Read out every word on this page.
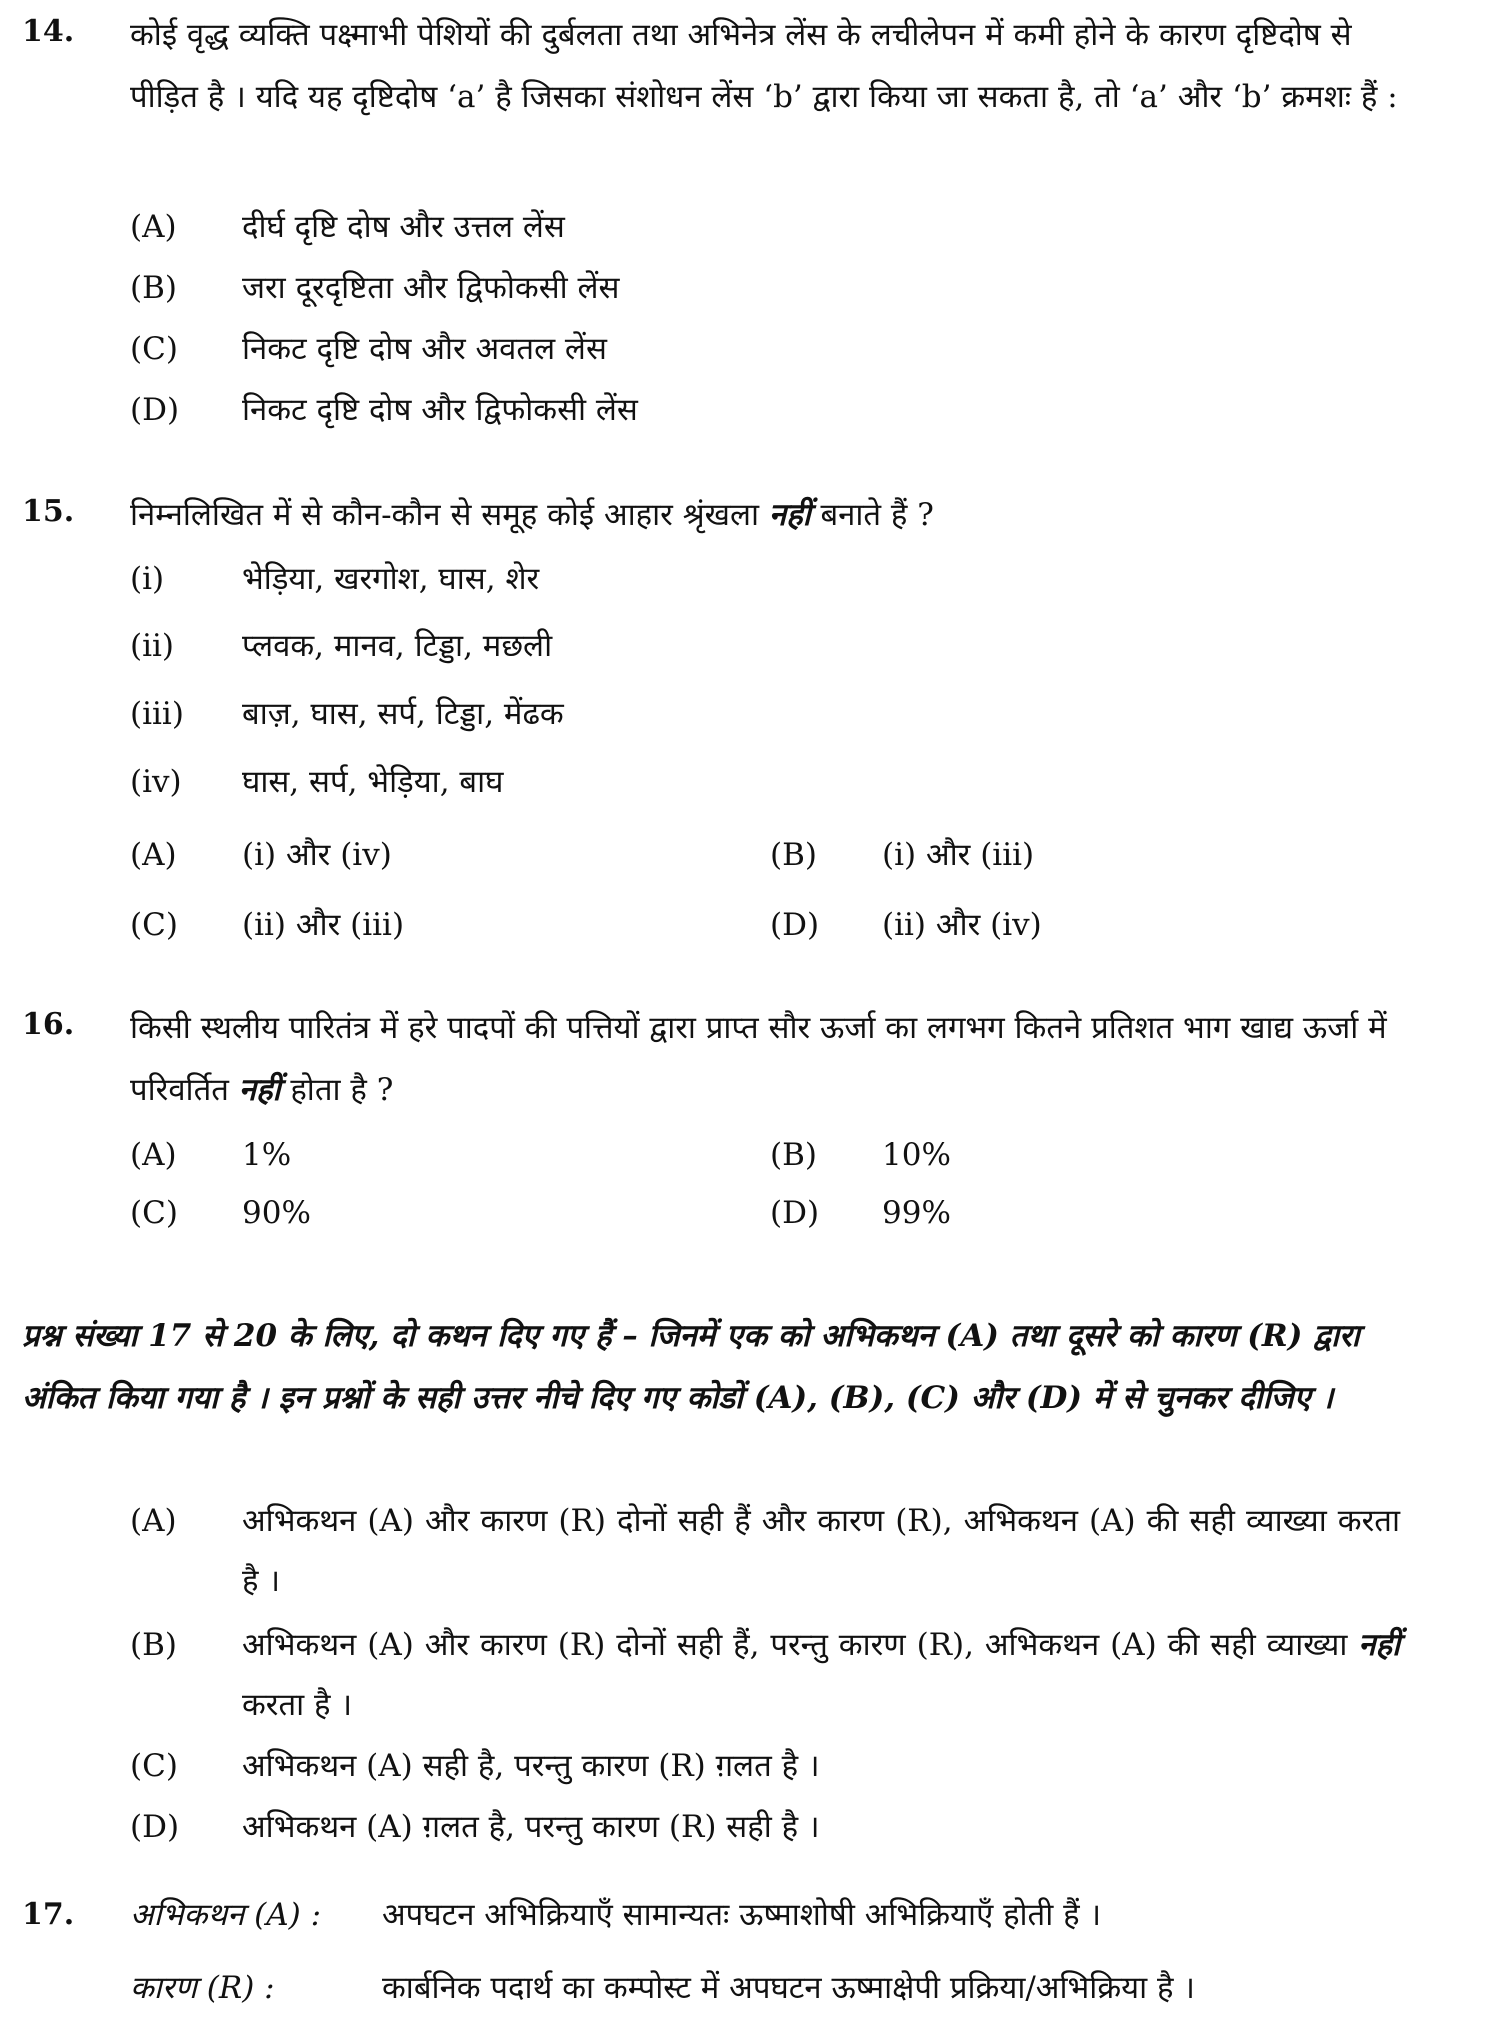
14. कोई वृद्ध व्यक्ति पक्ष्माभी पेशियों की दुर्बलता तथा अभिनेत्र लेंस के लचीलेपन में कमी होने के कारण दृष्टिदोष से पीड़ित है । यदि यह दृष्टिदोष ‘a’ है जिसका संशोधन लेंस ‘b’ द्वारा किया जा सकता है, तो ‘a’ और ‘b’ क्रमशः हैं :
(A) दीर्घ दृष्टि दोष और उत्तल लेंस
(B) जरा दूरदृष्टिता और द्विफोकसी लेंस
(C) निकट दृष्टि दोष और अवतल लेंस
(D) निकट दृष्टि दोष और द्विफोकसी लेंस
15. निम्नलिखित में से कौन-कौन से समूह कोई आहार श्रृंखला नहीं बनाते हैं ?
(i)	भेड़िया, खरगोश, घास, शेर
(ii) प्लवक, मानव, टिड्डा, मछली
(iii) बाज़, घास, सर्प, टिड्डा, मेंढक
(iv) घास, सर्प, भेड़िया, बाघ
(A) (i) और (iv)	(B) (i) और (iii)
(C) (ii) और (iii)	(D) (ii) और (iv)
16. किसी स्थलीय पारितंत्र में हरे पादपों की पत्तियों द्वारा प्राप्त सौर ऊर्जा का लगभग कितने प्रतिशत भाग खाद्य ऊर्जा में परिवर्तित नहीं होता है ?
(A) 1%	(B) 10%
(C) 90%	(D) 99%
प्रश्न संख्या 17 से 20 के लिए, दो कथन दिए गए हैं – जिनमें एक को अभिकथन (A) तथा दूसरे को कारण (R) द्वारा अंकित किया गया है । इन प्रश्नों के सही उत्तर नीचे दिए गए कोडों (A), (B), (C) और (D) में से चुनकर दीजिए ।
(A) अभिकथन (A) और कारण (R) दोनों सही हैं और कारण (R), अभिकथन (A) की सही व्याख्या करता है ।
(B) अभिकथन (A) और कारण (R) दोनों सही हैं, परन्तु कारण (R), अभिकथन (A) की सही व्याख्या नहीं करता है ।
(C) अभिकथन (A) सही है, परन्तु कारण (R) ग़लत है ।
(D) अभिकथन (A) ग़लत है, परन्तु कारण (R) सही है ।
17. अभिकथन (A) : अपघटन अभिक्रियाएँ सामान्यतः ऊष्माशोषी अभिक्रियाएँ होती हैं ।
कारण (R) :	कार्बनिक पदार्थ का कम्पोस्ट में अपघटन ऊष्माक्षेपी प्रक्रिया/अभिक्रिया है ।
